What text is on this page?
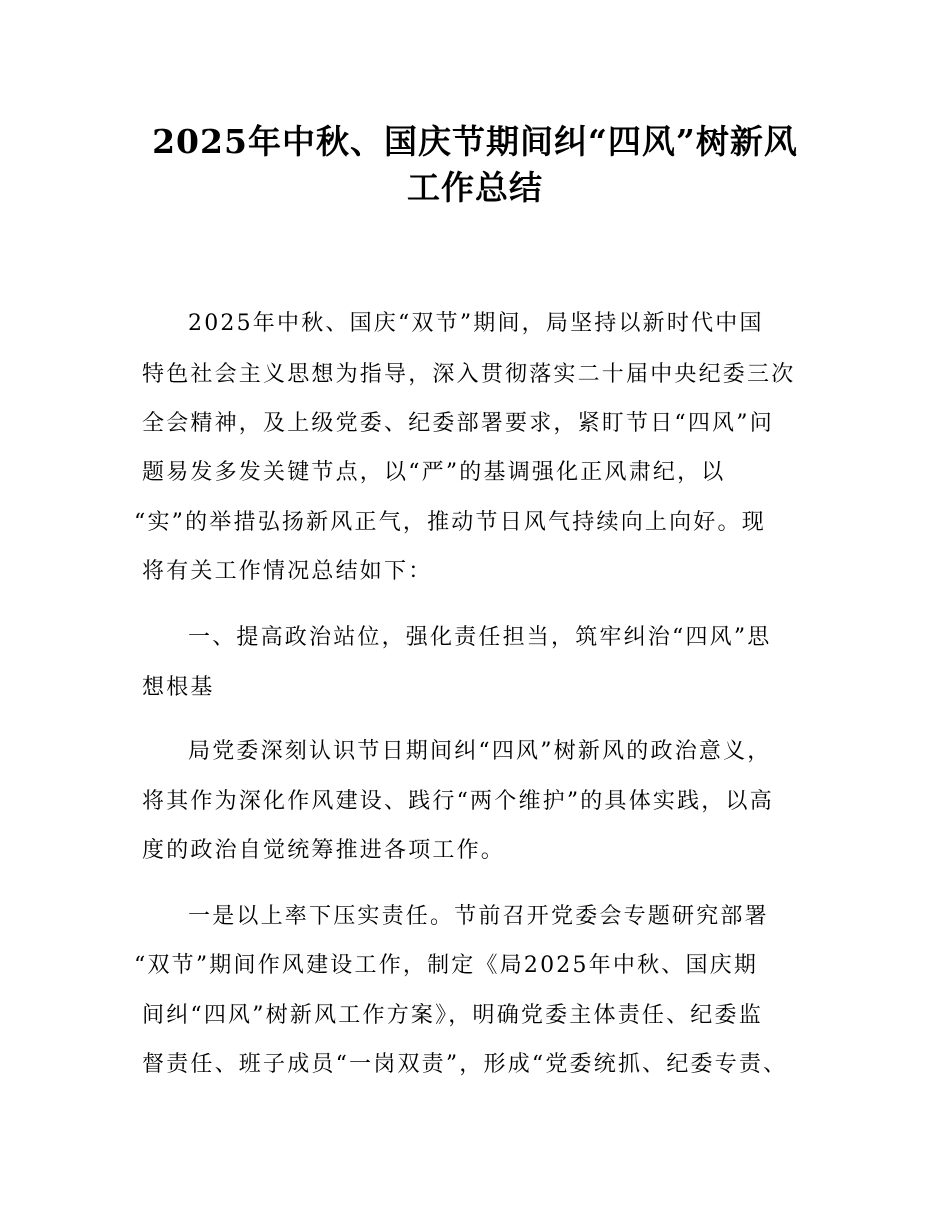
2025年中秋、国庆节期间纠“四风”树新风
工作总结
2025年中秋、国庆“双节”期间，局坚持以新时代中国
特色社会主义思想为指导，深入贯彻落实二十届中央纪委三次
全会精神，及上级党委、纪委部署要求，紧盯节日“四风”问
题易发多发关键节点，以“严”的基调强化正风肃纪，以
“实”的举措弘扬新风正气，推动节日风气持续向上向好。现
将有关工作情况总结如下：
一、提高政治站位，强化责任担当，筑牢纠治“四风”思
想根基
局党委深刻认识节日期间纠“四风”树新风的政治意义，
将其作为深化作风建设、践行“两个维护”的具体实践，以高
度的政治自觉统筹推进各项工作。
一是以上率下压实责任。节前召开党委会专题研究部署
“双节”期间作风建设工作，制定《局2025年中秋、国庆期
间纠“四风”树新风工作方案》，明确党委主体责任、纪委监
督责任、班子成员“一岗双责”，形成“党委统抓、纪委专责、
